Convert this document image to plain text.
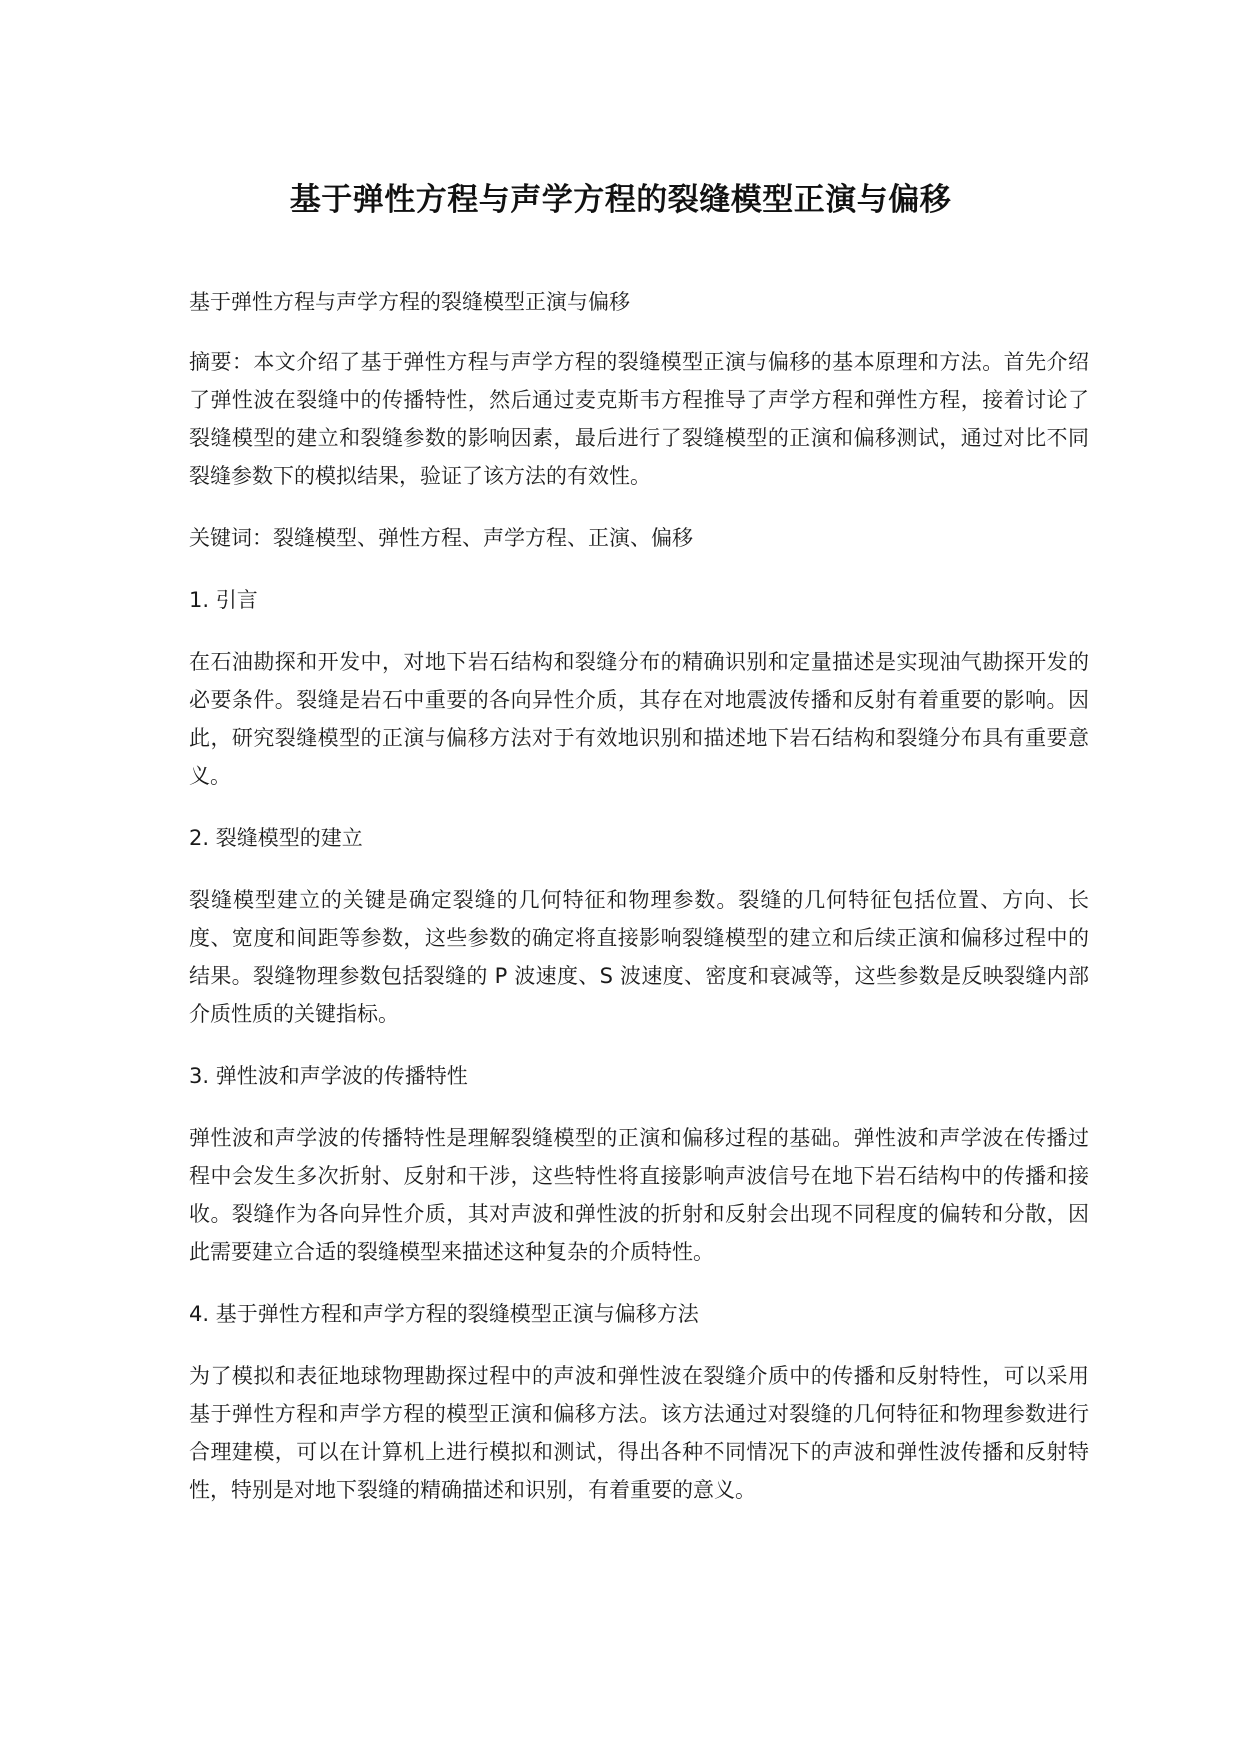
基于弹性方程与声学方程的裂缝模型正演与偏移

基于弹性方程与声学方程的裂缝模型正演与偏移

摘要：本文介绍了基于弹性方程与声学方程的裂缝模型正演与偏移的基本原理和方法。首先介绍了弹性波在裂缝中的传播特性，然后通过麦克斯韦方程推导了声学方程和弹性方程，接着讨论了裂缝模型的建立和裂缝参数的影响因素，最后进行了裂缝模型的正演和偏移测试，通过对比不同裂缝参数下的模拟结果，验证了该方法的有效性。

关键词：裂缝模型、弹性方程、声学方程、正演、偏移

1. 引言

在石油勘探和开发中，对地下岩石结构和裂缝分布的精确识别和定量描述是实现油气勘探开发的必要条件。裂缝是岩石中重要的各向异性介质，其存在对地震波传播和反射有着重要的影响。因此，研究裂缝模型的正演与偏移方法对于有效地识别和描述地下岩石结构和裂缝分布具有重要意义。

2. 裂缝模型的建立

裂缝模型建立的关键是确定裂缝的几何特征和物理参数。裂缝的几何特征包括位置、方向、长度、宽度和间距等参数，这些参数的确定将直接影响裂缝模型的建立和后续正演和偏移过程中的结果。裂缝物理参数包括裂缝的 P 波速度、S 波速度、密度和衰减等，这些参数是反映裂缝内部介质性质的关键指标。

3. 弹性波和声学波的传播特性

弹性波和声学波的传播特性是理解裂缝模型的正演和偏移过程的基础。弹性波和声学波在传播过程中会发生多次折射、反射和干涉，这些特性将直接影响声波信号在地下岩石结构中的传播和接收。裂缝作为各向异性介质，其对声波和弹性波的折射和反射会出现不同程度的偏转和分散，因此需要建立合适的裂缝模型来描述这种复杂的介质特性。

4. 基于弹性方程和声学方程的裂缝模型正演与偏移方法

为了模拟和表征地球物理勘探过程中的声波和弹性波在裂缝介质中的传播和反射特性，可以采用基于弹性方程和声学方程的模型正演和偏移方法。该方法通过对裂缝的几何特征和物理参数进行合理建模，可以在计算机上进行模拟和测试，得出各种不同情况下的声波和弹性波传播和反射特性，特别是对地下裂缝的精确描述和识别，有着重要的意义。
